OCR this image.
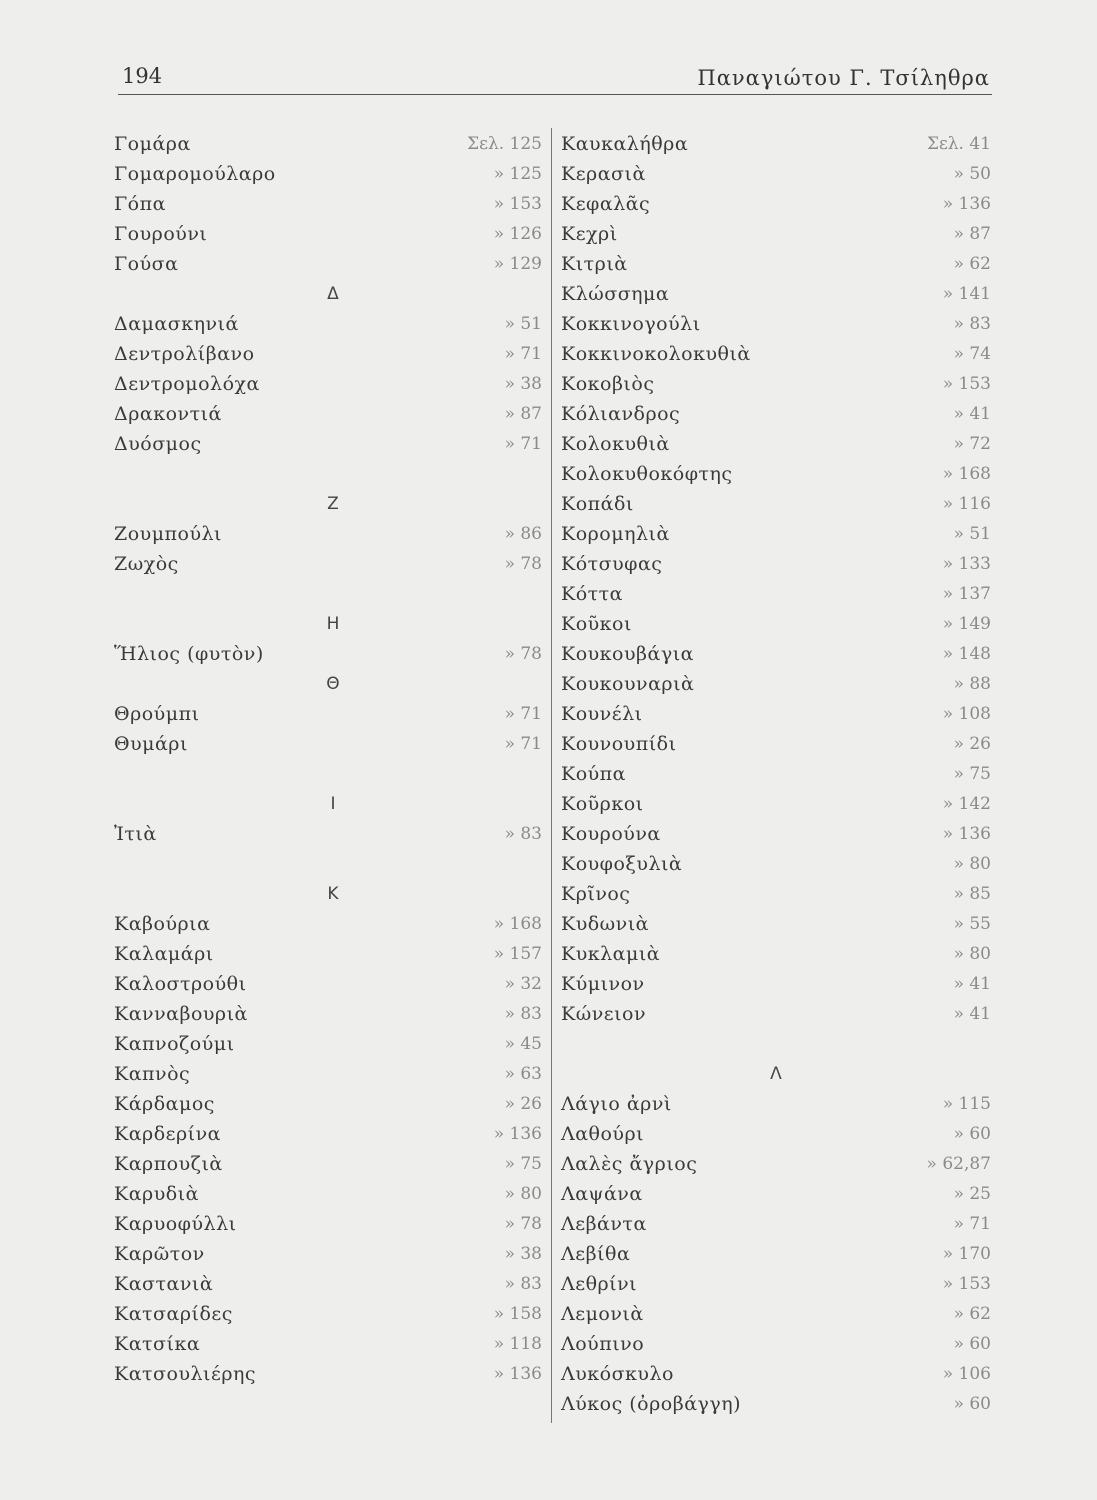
194	Παναγιώτου Γ. Τσίληθρα
Γομάρα	Σελ. 125
Γομαρομούλαρο	» 125
Γόπα	» 153
Γουρούνι	» 126
Γούσα	» 129
Δ
Δαμασκηνιά	» 51
Δεντρολίβανο	» 71
Δεντρομολόχα	» 38
Δρακοντιά	» 87
Δυόσμος	» 71
Ζ
Ζουμπούλι	» 86
Ζωχὸς	» 78
Η
Ἥλιος (φυτὸν)	» 78
Θ
Θρούμπι	» 71
Θυμάρι	» 71
Ι
Ἰτιὰ	» 83
Κ
Καβούρια	» 168
Καλαμάρι	» 157
Καλοστρούθι	» 32
Κανναβουριὰ	» 83
Καπνοζούμι	» 45
Καπνὸς	» 63
Κάρδαμος	» 26
Καρδερίνα	» 136
Καρπουζιὰ	» 75
Καρυδιὰ	» 80
Καρυοφύλλι	» 78
Καρῶτον	» 38
Καστανιὰ	» 83
Κατσαρίδες	» 158
Κατσίκα	» 118
Κατσουλιέρης	» 136
Καυκαλήθρα	Σελ. 41
Κερασιὰ	» 50
Κεφαλᾶς	» 136
Κεχρὶ	» 87
Κιτριὰ	» 62
Κλώσσημα	» 141
Κοκκινογούλι	» 83
Κοκκινοκολοκυθιὰ	» 74
Κοκοβιὸς	» 153
Κόλιανδρος	» 41
Κολοκυθιὰ	» 72
Κολοκυθοκόφτης	» 168
Κοπάδι	» 116
Κορομηλιὰ	» 51
Κότσυφας	» 133
Κόττα	» 137
Κοῦκοι	» 149
Κουκουβάγια	» 148
Κουκουναριὰ	» 88
Κουνέλι	» 108
Κουνουπίδι	» 26
Κούπα	» 75
Κοῦρκοι	» 142
Κουρούνα	» 136
Κουφοξυλιὰ	» 80
Κρῖνος	» 85
Κυδωνιὰ	» 55
Κυκλαμιὰ	» 80
Κύμινον	» 41
Κώνειον	» 41
Λ
Λάγιο ἀρνὶ	» 115
Λαθούρι	» 60
Λαλὲς ἄγριος	» 62,87
Λαψάνα	» 25
Λεβάντα	» 71
Λεβίθα	» 170
Λεθρίνι	» 153
Λεμονιὰ	» 62
Λούπινο	» 60
Λυκόσκυλο	» 106
Λύκος (ὀροβάγγη)	» 60
